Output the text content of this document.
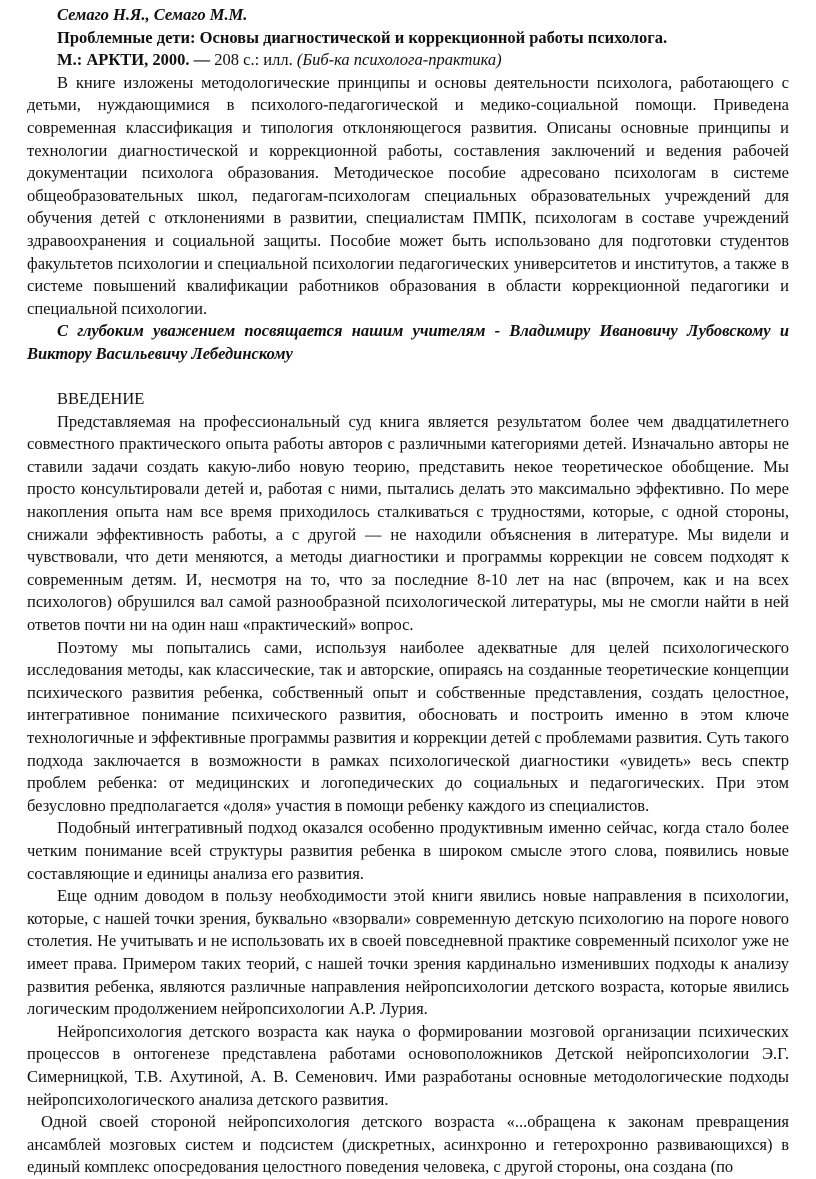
Семаго Н.Я., Семаго М.М.
Проблемные дети: Основы диагностической и коррекционной работы психолога.
М.: АРКТИ, 2000. — 208 с.: илл. (Биб-ка психолога-практика)

В книге изложены методологические принципы и основы деятельности психолога, работающего с детьми, нуждающимися в психолого-педагогической и медико-социальной помощи. Приведена современная классификация и типология отклоняющегося развития. Описаны основные принципы и технологии диагностической и коррекционной работы, составления заключений и ведения рабочей документации психолога образования. Методическое пособие адресовано психологам в системе общеобразовательных школ, педагогам-психологам специальных образовательных учреждений для обучения детей с отклонениями в развитии, специалистам ПМПК, психологам в составе учреждений здравоохранения и социальной защиты. Пособие может быть использовано для подготовки студентов факультетов психологии и специальной психологии педагогических университетов и институтов, а также в системе повышений квалификации работников образования в области коррекционной педагогики и специальной психологии.

С глубоким уважением посвящается нашим учителям - Владимиру Ивановичу Лубовскому и Виктору Васильевичу Лебединскому

ВВЕДЕНИЕ

Представляемая на профессиональный суд книга является результатом более чем двадцатилетнего совместного практического опыта работы авторов с различными категориями детей. Изначально авторы не ставили задачи создать какую-либо новую теорию, представить некое теоретическое обобщение. Мы просто консультировали детей и, работая с ними, пытались делать это максимально эффективно. По мере накопления опыта нам все время приходилось сталкиваться с трудностями, которые, с одной стороны, снижали эффективность работы, а с другой — не находили объяснения в литературе. Мы видели и чувствовали, что дети меняются, а методы диагностики и программы коррекции не совсем подходят к современным детям. И, несмотря на то, что за последние 8-10 лет на нас (впрочем, как и на всех психологов) обрушился вал самой разнообразной психологической литературы, мы не смогли найти в ней ответов почти ни на один наш «практический» вопрос.

Поэтому мы попытались сами, используя наиболее адекватные для целей психологического исследования методы, как классические, так и авторские, опираясь на созданные теоретические концепции психического развития ребенка, собственный опыт и собственные представления, создать целостное, интегративное понимание психического развития, обосновать и построить именно в этом ключе технологичные и эффективные программы развития и коррекции детей с проблемами развития. Суть такого подхода заключается в возможности в рамках психологической диагностики «увидеть» весь спектр проблем ребенка: от медицинских и логопедических до социальных и педагогических. При этом безусловно предполагается «доля» участия в помощи ребенку каждого из специалистов.

Подобный интегративный подход оказался особенно продуктивным именно сейчас, когда стало более четким понимание всей структуры развития ребенка в широком смысле этого слова, появились новые составляющие и единицы анализа его развития.

Еще одним доводом в пользу необходимости этой книги явились новые направления в психологии, которые, с нашей точки зрения, буквально «взорвали» современную детскую психологию на пороге нового столетия. Не учитывать и не использовать их в своей повседневной практике современный психолог уже не имеет права. Примером таких теорий, с нашей точки зрения кардинально изменивших подходы к анализу развития ребенка, являются различные направления нейропсихологии детского возраста, которые явились логическим продолжением нейропсихологии А.Р. Лурия.

Нейропсихология детского возраста как наука о формировании мозговой организации психических процессов в онтогенезе представлена работами основоположников Детской нейропсихологии Э.Г. Симерницкой, Т.В. Ахутиной, А. В. Семенович. Ими разработаны основные методологические подходы нейропсихологического анализа детского развития.

Одной своей стороной нейропсихология детского возраста «...обращена к законам превращения ансамблей мозговых систем и подсистем (дискретных, асинхронно и гетерохронно развивающихся) в единый комплекс опосредования целостного поведения человека, с другой стороны, она создана (по
